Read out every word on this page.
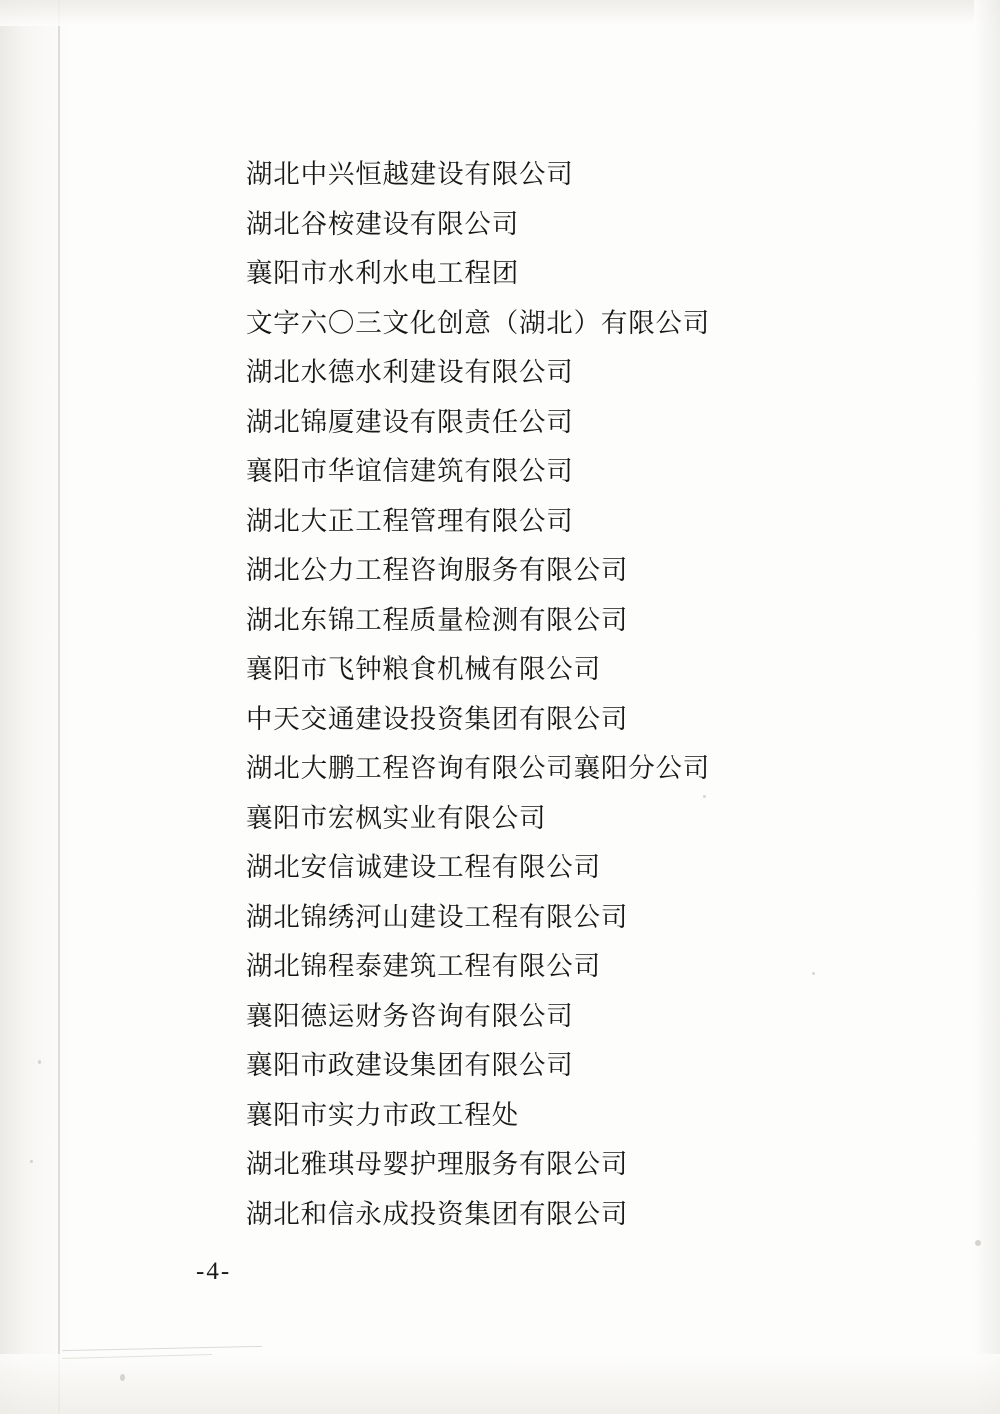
湖北中兴恒越建设有限公司
湖北谷桉建设有限公司
襄阳市水利水电工程团
文字六〇三文化创意（湖北）有限公司
湖北水德水利建设有限公司
湖北锦厦建设有限责任公司
襄阳市华谊信建筑有限公司
湖北大正工程管理有限公司
湖北公力工程咨询服务有限公司
湖北东锦工程质量检测有限公司
襄阳市飞钟粮食机械有限公司
中天交通建设投资集团有限公司
湖北大鹏工程咨询有限公司襄阳分公司
襄阳市宏枫实业有限公司
湖北安信诚建设工程有限公司
湖北锦绣河山建设工程有限公司
湖北锦程泰建筑工程有限公司
襄阳德运财务咨询有限公司
襄阳市政建设集团有限公司
襄阳市实力市政工程处
湖北雅琪母婴护理服务有限公司
湖北和信永成投资集团有限公司
-4-
